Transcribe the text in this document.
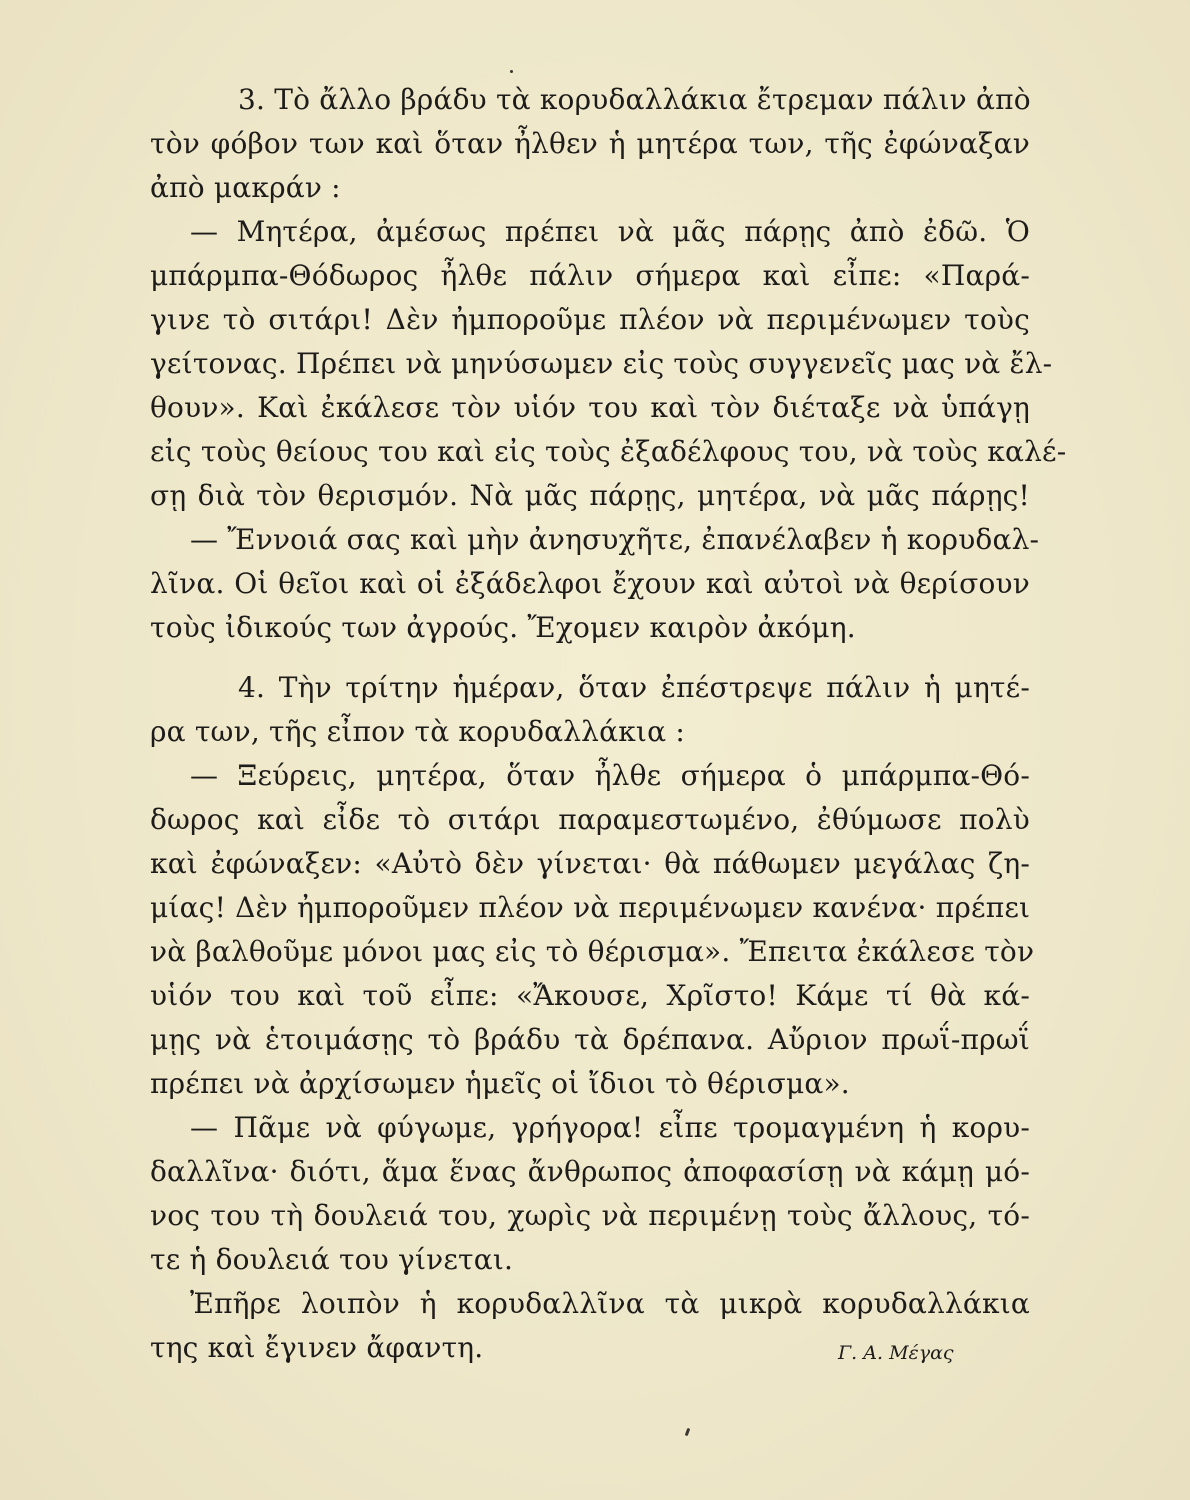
3. Τὸ ἄλλο βράδυ τὰ κορυδαλλάκια ἔτρεμαν πάλιν ἀπὸ
τὸν φόβον των καὶ ὅταν ἦλθεν ἡ μητέρα των, τῆς ἐφώναξαν
ἀπὸ μακράν :
— Μητέρα, ἀμέσως πρέπει νὰ μᾶς πάρῃς ἀπὸ ἐδῶ. Ὁ
μπάρμπα-Θόδωρος ἦλθε πάλιν σήμερα καὶ εἶπε: «Παρά-
γινε τὸ σιτάρι! Δὲν ἠμποροῦμε πλέον νὰ περιμένωμεν τοὺς
γείτονας. Πρέπει νὰ μηνύσωμεν εἰς τοὺς συγγενεῖς μας νὰ ἔλ-
θουν». Καὶ ἐκάλεσε τὸν υἱόν του καὶ τὸν διέταξε νὰ ὑπάγῃ
εἰς τοὺς θείους του καὶ εἰς τοὺς ἐξαδέλφους του, νὰ τοὺς καλέ-
σῃ διὰ τὸν θερισμόν. Νὰ μᾶς πάρῃς, μητέρα, νὰ μᾶς πάρῃς!
— Ἔννοιά σας καὶ μὴν ἀνησυχῆτε, ἐπανέλαβεν ἡ κορυδαλ-
λῖνα. Οἱ θεῖοι καὶ οἱ ἐξάδελφοι ἔχουν καὶ αὐτοὶ νὰ θερίσουν
τοὺς ἰδικούς των ἀγρούς. Ἔχομεν καιρὸν ἀκόμη.
4. Τὴν τρίτην ἡμέραν, ὅταν ἐπέστρεψε πάλιν ἡ μητέ-
ρα των, τῆς εἶπον τὰ κορυδαλλάκια :
— Ξεύρεις, μητέρα, ὅταν ἦλθε σήμερα ὁ μπάρμπα-Θό-
δωρος καὶ εἶδε τὸ σιτάρι παραμεστωμένο, ἐθύμωσε πολὺ
καὶ ἐφώναξεν: «Αὐτὸ δὲν γίνεται· θὰ πάθωμεν μεγάλας ζη-
μίας! Δὲν ἠμποροῦμεν πλέον νὰ περιμένωμεν κανένα· πρέπει
νὰ βαλθοῦμε μόνοι μας εἰς τὸ θέρισμα». Ἔπειτα ἐκάλεσε τὸν
υἱόν του καὶ τοῦ εἶπε: «Ἄκουσε, Χρῖστο! Κάμε τί θὰ κά-
μῃς νὰ ἑτοιμάσῃς τὸ βράδυ τὰ δρέπανα. Αὔριον πρωΐ-πρωΐ
πρέπει νὰ ἀρχίσωμεν ἡμεῖς οἱ ἴδιοι τὸ θέρισμα».
— Πᾶμε νὰ φύγωμε, γρήγορα! εἶπε τρομαγμένη ἡ κορυ-
δαλλῖνα· διότι, ἅμα ἕνας ἄνθρωπος ἀποφασίσῃ νὰ κάμῃ μό-
νος του τὴ δουλειά του, χωρὶς νὰ περιμένῃ τοὺς ἄλλους, τό-
τε ἡ δουλειά του γίνεται.
Ἐπῆρε λοιπὸν ἡ κορυδαλλῖνα τὰ μικρὰ κορυδαλλάκια
της καὶ ἔγινεν ἄφαντη.	Γ. Α. Μέγας
